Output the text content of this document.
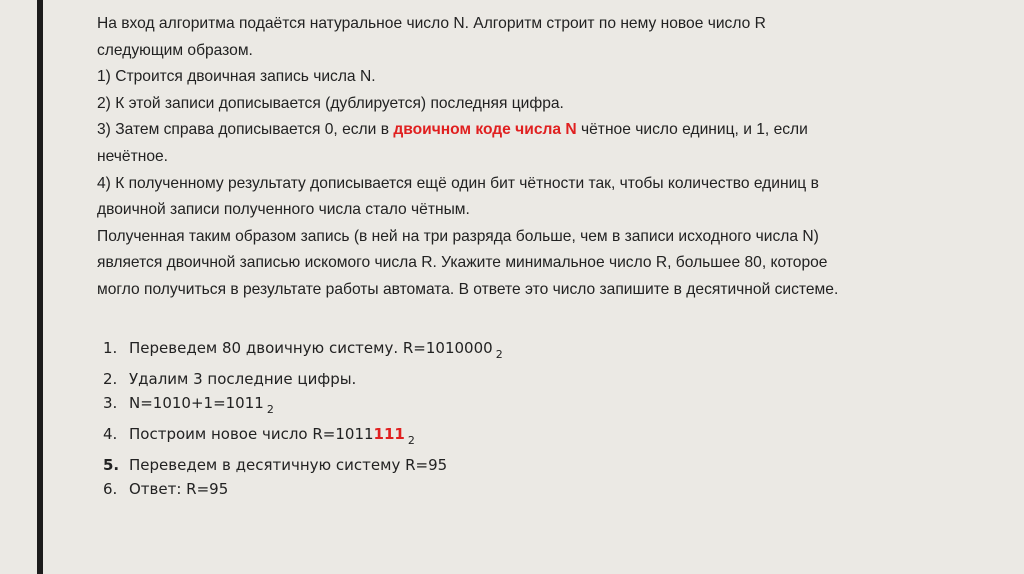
На вход алгоритма подаётся натуральное число N. Алгоритм строит по нему новое число R

следующим образом.

1) Строится двоичная запись числа N.

2) К этой записи дописывается (дублируется) последняя цифра.

3) Затем справа дописывается 0, если в двоичном коде числа N чётное число единиц, и 1, если

нечётное.

4) К полученному результату дописывается ещё один бит чётности так, чтобы количество единиц в

двоичной записи полученного числа стало чётным.

Полученная таким образом запись (в ней на три разряда больше, чем в записи исходного числа N)

является двоичной записью искомого числа R. Укажите минимальное число R, большее 80, которое

могло получиться в результате работы автомата. В ответе это число запишите в десятичной системе.

1. Переведем 80 двоичную систему. R=1010000 $_2$
2. Удалим 3 последние цифры.
3. N=1010+1=1011 $_2$
4. Построим новое число R=1011111 $_2$
5. Переведем в десятичную систему R=95
6. Ответ: R=95
